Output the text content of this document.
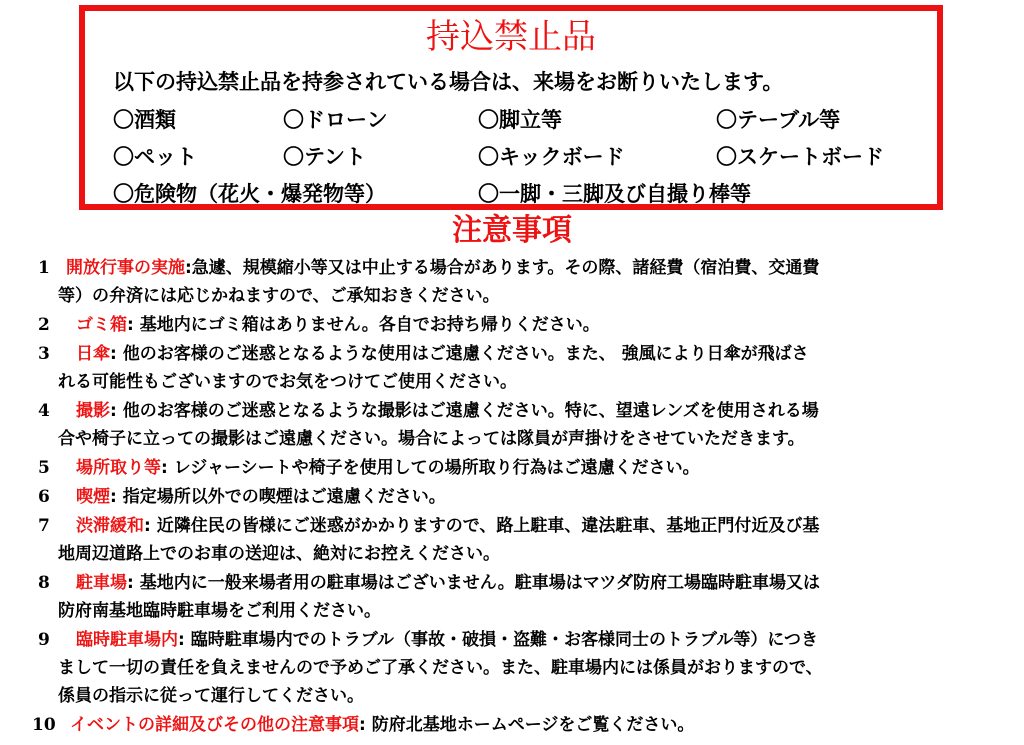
持込禁止品
以下の持込禁止品を持参されている場合は、来場をお断りいたします。
〇酒類	〇ドローン	〇脚立等	〇テーブル等
〇ペット	〇テント	〇キックボード	〇スケートボード
〇危険物（花火・爆発物等）	〇一脚・三脚及び自撮り棒等
注意事項
1 開放行事の実施:急遽、規模縮小等又は中止する場合があります。その際、諸経費（宿泊費、交通費
等）の弁済には応じかねますので、ご承知おきください。
2	ゴミ箱: 基地内にゴミ箱はありません。各自でお持ち帰りください。
3	日傘: 他のお客様のご迷惑となるような使用はご遠慮ください。また、 強風により日傘が飛ばさ
れる可能性もございますのでお気をつけてご使用ください。
4	撮影: 他のお客様のご迷惑となるような撮影はご遠慮ください。特に、望遠レンズを使用される場
合や椅子に立っての撮影はご遠慮ください。場合によっては隊員が声掛けをさせていただきます。
5	場所取り等: レジャーシートや椅子を使用しての場所取り行為はご遠慮ください。
6	喫煙: 指定場所以外での喫煙はご遠慮ください。
7	渋滞緩和: 近隣住民の皆様にご迷惑がかかりますので、路上駐車、違法駐車、基地正門付近及び基
地周辺道路上でのお車の送迎は、絶対にお控えください。
8	駐車場: 基地内に一般来場者用の駐車場はございません。駐車場はマツダ防府工場臨時駐車場又は
防府南基地臨時駐車場をご利用ください。
9	臨時駐車場内: 臨時駐車場内でのトラブル（事故・破損・盗難・お客様同士のトラブル等）につき
まして一切の責任を負えませんので予めご了承ください。また、駐車場内には係員がおりますので、
係員の指示に従って運行してください。
10 イベントの詳細及びその他の注意事項: 防府北基地ホームページをご覧ください。
